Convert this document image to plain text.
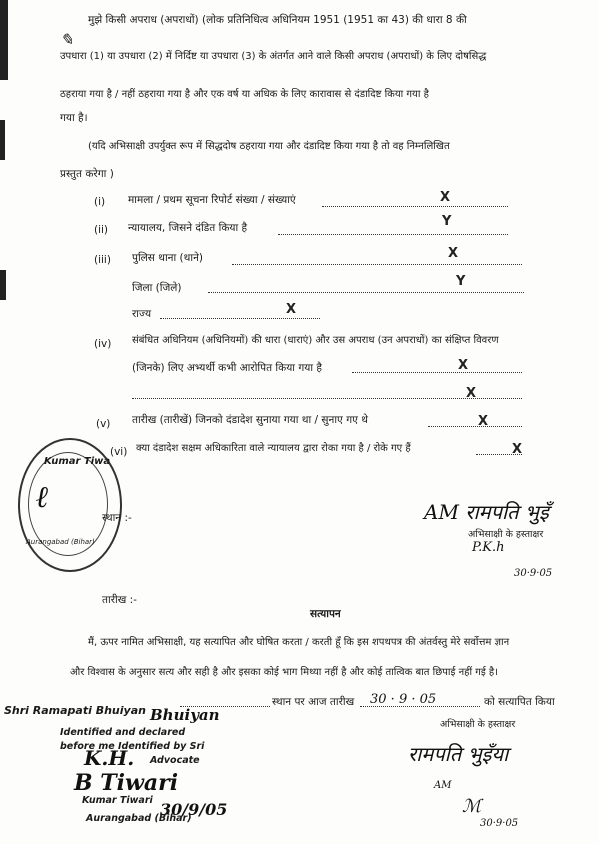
मुझे किसी अपराध (अपराधों) (लोक प्रतिनिधित्व अधिनियम 1951 (1951 का 43) की धारा 8 की
✎
उपधारा (1) या उपधारा (2) में निर्दिष्ट या उपधारा (3) के अंतर्गत आने वाले किसी अपराध (अपराधों) के लिए दोषसिद्ध
ठहराया गया है / नहीं ठहराया गया है और एक वर्ष या अधिक के लिए कारावास से दंडादिष्ट किया गया है
गया है।
(यदि अभिसाक्षी उपर्युक्त रूप में सिद्धदोष ठहराया गया और दंडादिष्ट किया गया है तो वह निम्नलिखित
प्रस्तुत करेगा )
(i) मामला / प्रथम सूचना रिपोर्ट संख्या / संख्याएं	X
(ii) न्यायालय, जिसने दंडित किया है	Y
(iii) पुलिस थाना (थाने)	X
जिला (जिले)	Y
राज्य	X
(iv) संबंधित अधिनियम (अधिनियमों) की धारा (धाराएं) और उस अपराध (उन अपराधों) का संक्षिप्त विवरण
(जिनके) लिए अभ्यर्थी कभी आरोपित किया गया है	X
X
(v) तारीख (तारीखें) जिनको दंडादेश सुनाया गया था / सुनाए गए थे	X
(vi) क्या दंडादेश सक्षम अधिकारिता वाले न्यायालय द्वारा रोका गया है / रोके गए हैं	X
Kumar Tiwa
Aurangabad (Bihar)
ℓ
स्थान :-	AM रामपति भुइँ
अभिसाक्षी के हस्ताक्षर
P.K.h
30·9·05
तारीख :-
सत्यापन
मैं, ऊपर नामित अभिसाक्षी, यह सत्यापित और घोषित करता / करती हूँ कि इस शपथपत्र की अंतर्वस्तु मेरे सर्वोत्तम ज्ञान
और विश्वास के अनुसार सत्य और सही है और इसका कोई भाग मिथ्या नहीं है और कोई तात्विक बात छिपाई नहीं गई है।
स्थान पर आज तारीख 30 · 9 · 05	को सत्यापित किया
अभिसाक्षी के हस्ताक्षर
रामपति भुइँया
AM
ℳ
30·9·05
Shri Ramapati Bhuiyan
Identified and declared
before me Identified by Sri
Advocate
Kumar Tiwari
Aurangabad (Bihar)
Bhuiyan
K.H.
B Tiwari
30/9/05
